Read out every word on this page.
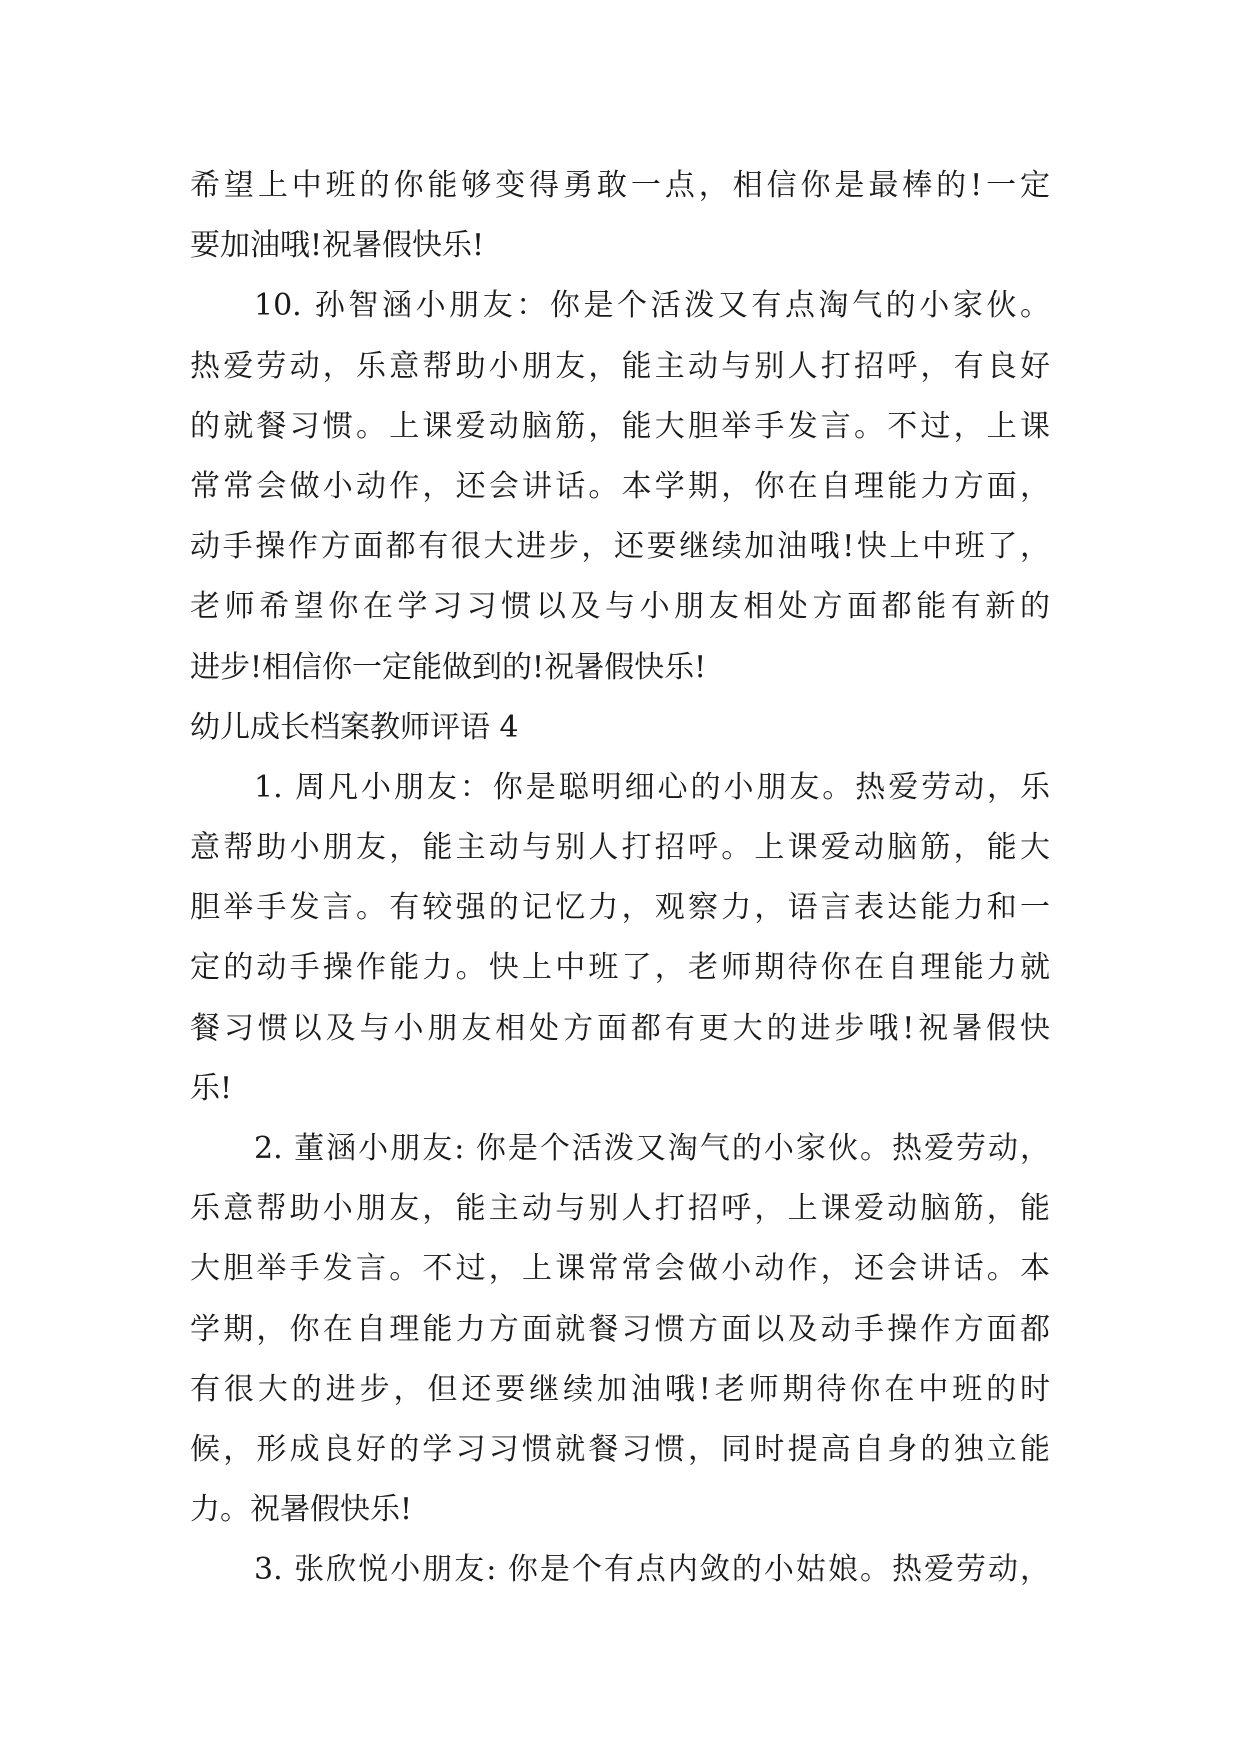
希望上中班的你能够变得勇敢一点，相信你是最棒的!一定
要加油哦!祝暑假快乐!
10. 孙智涵小朋友：你是个活泼又有点淘气的小家伙。
热爱劳动，乐意帮助小朋友，能主动与别人打招呼，有良好
的就餐习惯。上课爱动脑筋，能大胆举手发言。不过，上课
常常会做小动作，还会讲话。本学期，你在自理能力方面，
动手操作方面都有很大进步，还要继续加油哦!快上中班了，
老师希望你在学习习惯以及与小朋友相处方面都能有新的
进步!相信你一定能做到的!祝暑假快乐!
幼儿成长档案教师评语 4
1. 周凡小朋友：你是聪明细心的小朋友。热爱劳动，乐
意帮助小朋友，能主动与别人打招呼。上课爱动脑筋，能大
胆举手发言。有较强的记忆力，观察力，语言表达能力和一
定的动手操作能力。快上中班了，老师期待你在自理能力就
餐习惯以及与小朋友相处方面都有更大的进步哦!祝暑假快
乐!
2. 董涵小朋友: 你是个活泼又淘气的小家伙。热爱劳动，
乐意帮助小朋友，能主动与别人打招呼，上课爱动脑筋，能
大胆举手发言。不过，上课常常会做小动作，还会讲话。本
学期，你在自理能力方面就餐习惯方面以及动手操作方面都
有很大的进步，但还要继续加油哦!老师期待你在中班的时
候，形成良好的学习习惯就餐习惯，同时提高自身的独立能
力。祝暑假快乐!
3. 张欣悦小朋友: 你是个有点内敛的小姑娘。热爱劳动，
